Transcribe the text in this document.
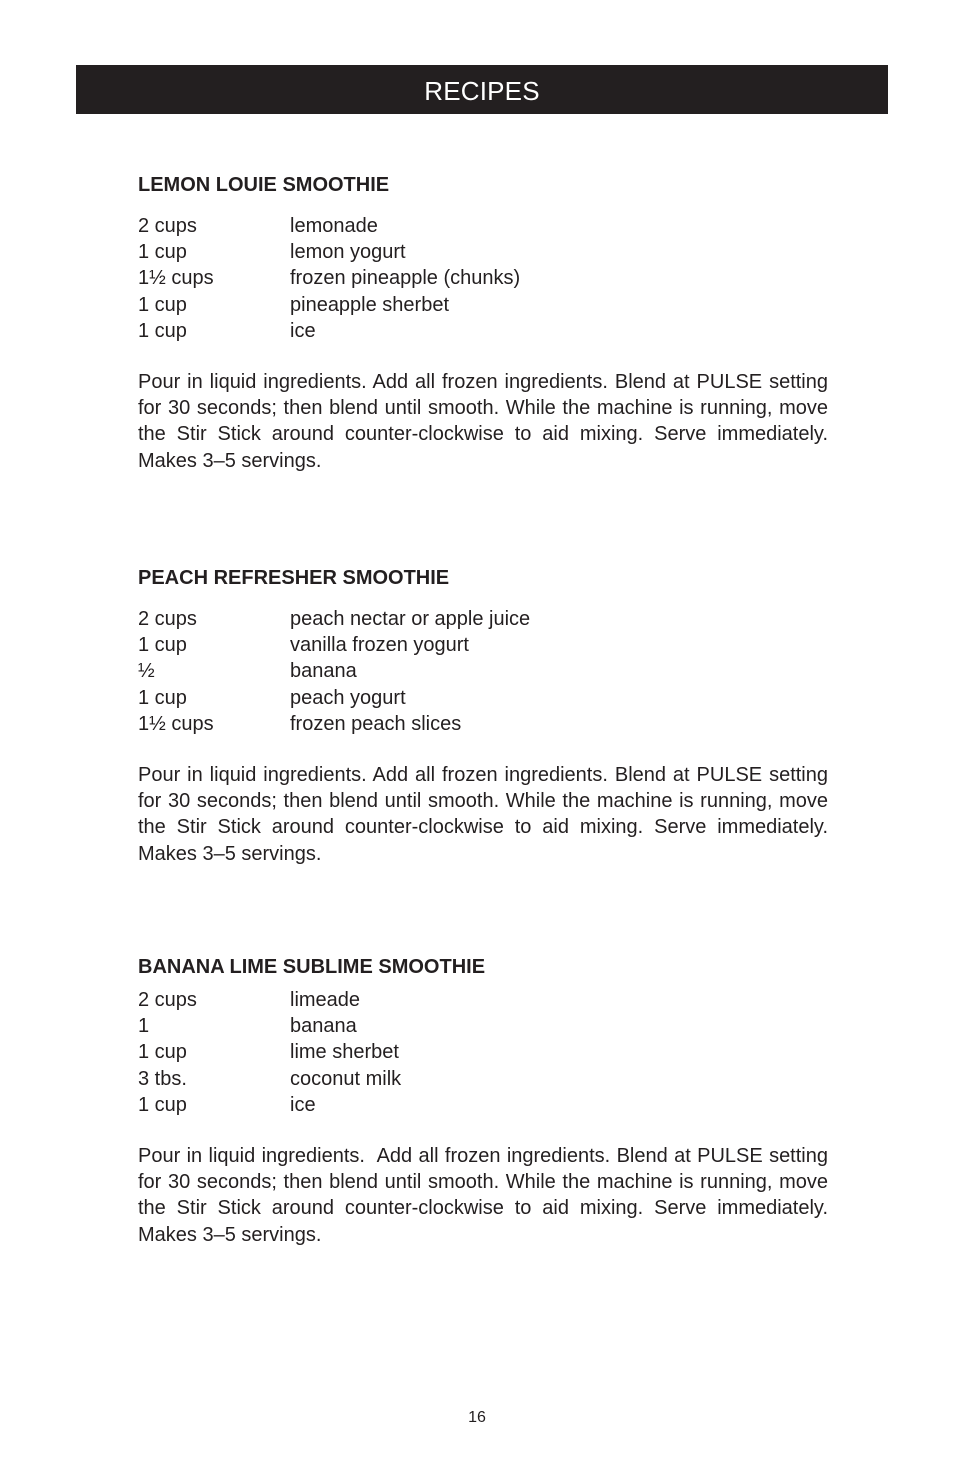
RECIPES
LEMON LOUIE SMOOTHIE
2 cups	lemonade
1 cup	lemon yogurt
1½ cups	frozen pineapple (chunks)
1 cup	pineapple sherbet
1 cup	ice

Pour in liquid ingredients. Add all frozen ingredients. Blend at PULSE setting for 30 seconds; then blend until smooth. While the machine is running, move the Stir Stick around counter-clockwise to aid mixing. Serve immediately. Makes 3–5 servings.

PEACH REFRESHER SMOOTHIE
2 cups	peach nectar or apple juice
1 cup	vanilla frozen yogurt
½	banana
1 cup	peach yogurt
1½ cups	frozen peach slices

Pour in liquid ingredients. Add all frozen ingredients. Blend at PULSE setting for 30 seconds; then blend until smooth. While the machine is running, move the Stir Stick around counter-clockwise to aid mixing. Serve immediately. Makes 3–5 servings.

BANANA LIME SUBLIME SMOOTHIE
2 cups	limeade
1	banana
1 cup	lime sherbet
3 tbs.	coconut milk
1 cup	ice

Pour in liquid ingredients.  Add all frozen ingredients. Blend at PULSE setting for 30 seconds; then blend until smooth. While the machine is running, move the Stir Stick around counter-clockwise to aid mixing. Serve immediately. Makes 3–5 servings.

16
